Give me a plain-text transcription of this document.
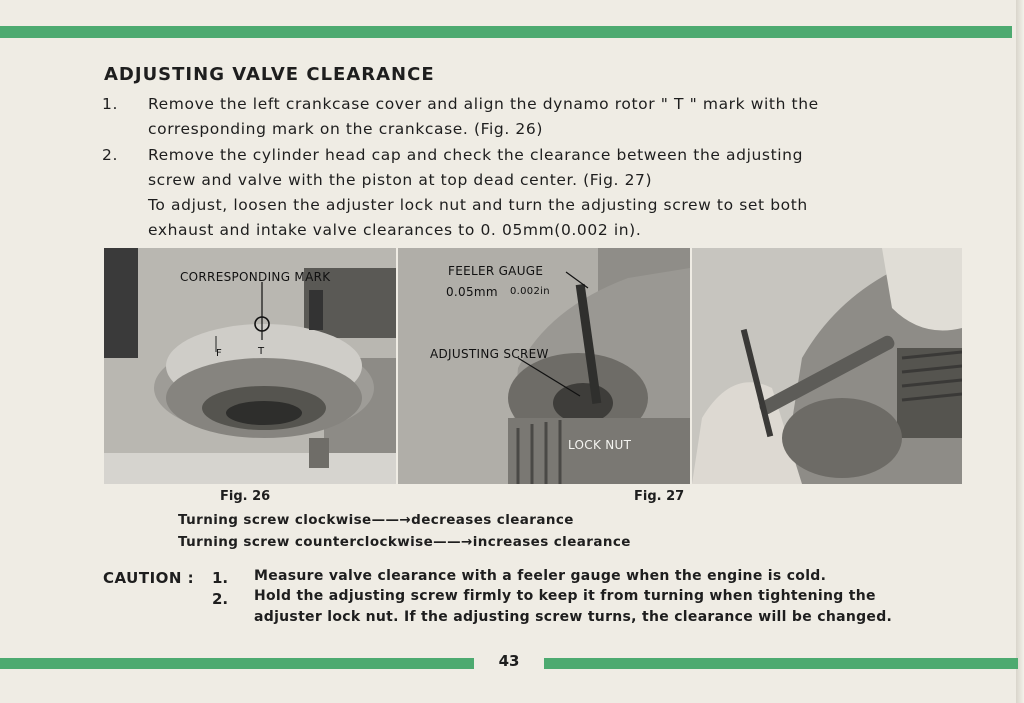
ADJUSTING VALVE CLEARANCE
1.	Remove the left crankcase cover and align the dynamo rotor " T " mark with the
corresponding mark on the crankcase. (Fig. 26)
2.	Remove the cylinder head cap and check the clearance between the adjusting
screw and valve with the piston at top dead center. (Fig. 27)
To adjust, loosen the adjuster lock nut and turn the adjusting screw to set both
exhaust and intake valve clearances to 0. 05mm(0.002 in).
CORRESPONDING MARK
F	T
FEELER GAUGE
0.05mm 0.002in
ADJUSTING SCREW
LOCK NUT
Fig. 26	Fig. 27
Turning screw clockwise——→decreases clearance
Turning screw counterclockwise——→increases clearance
CAUTION : 1. Measure valve clearance with a feeler gauge when the engine is cold.
2. Hold the adjusting screw firmly to keep it from turning when tightening the
adjuster lock nut. If the adjusting screw turns, the clearance will be changed.
43
